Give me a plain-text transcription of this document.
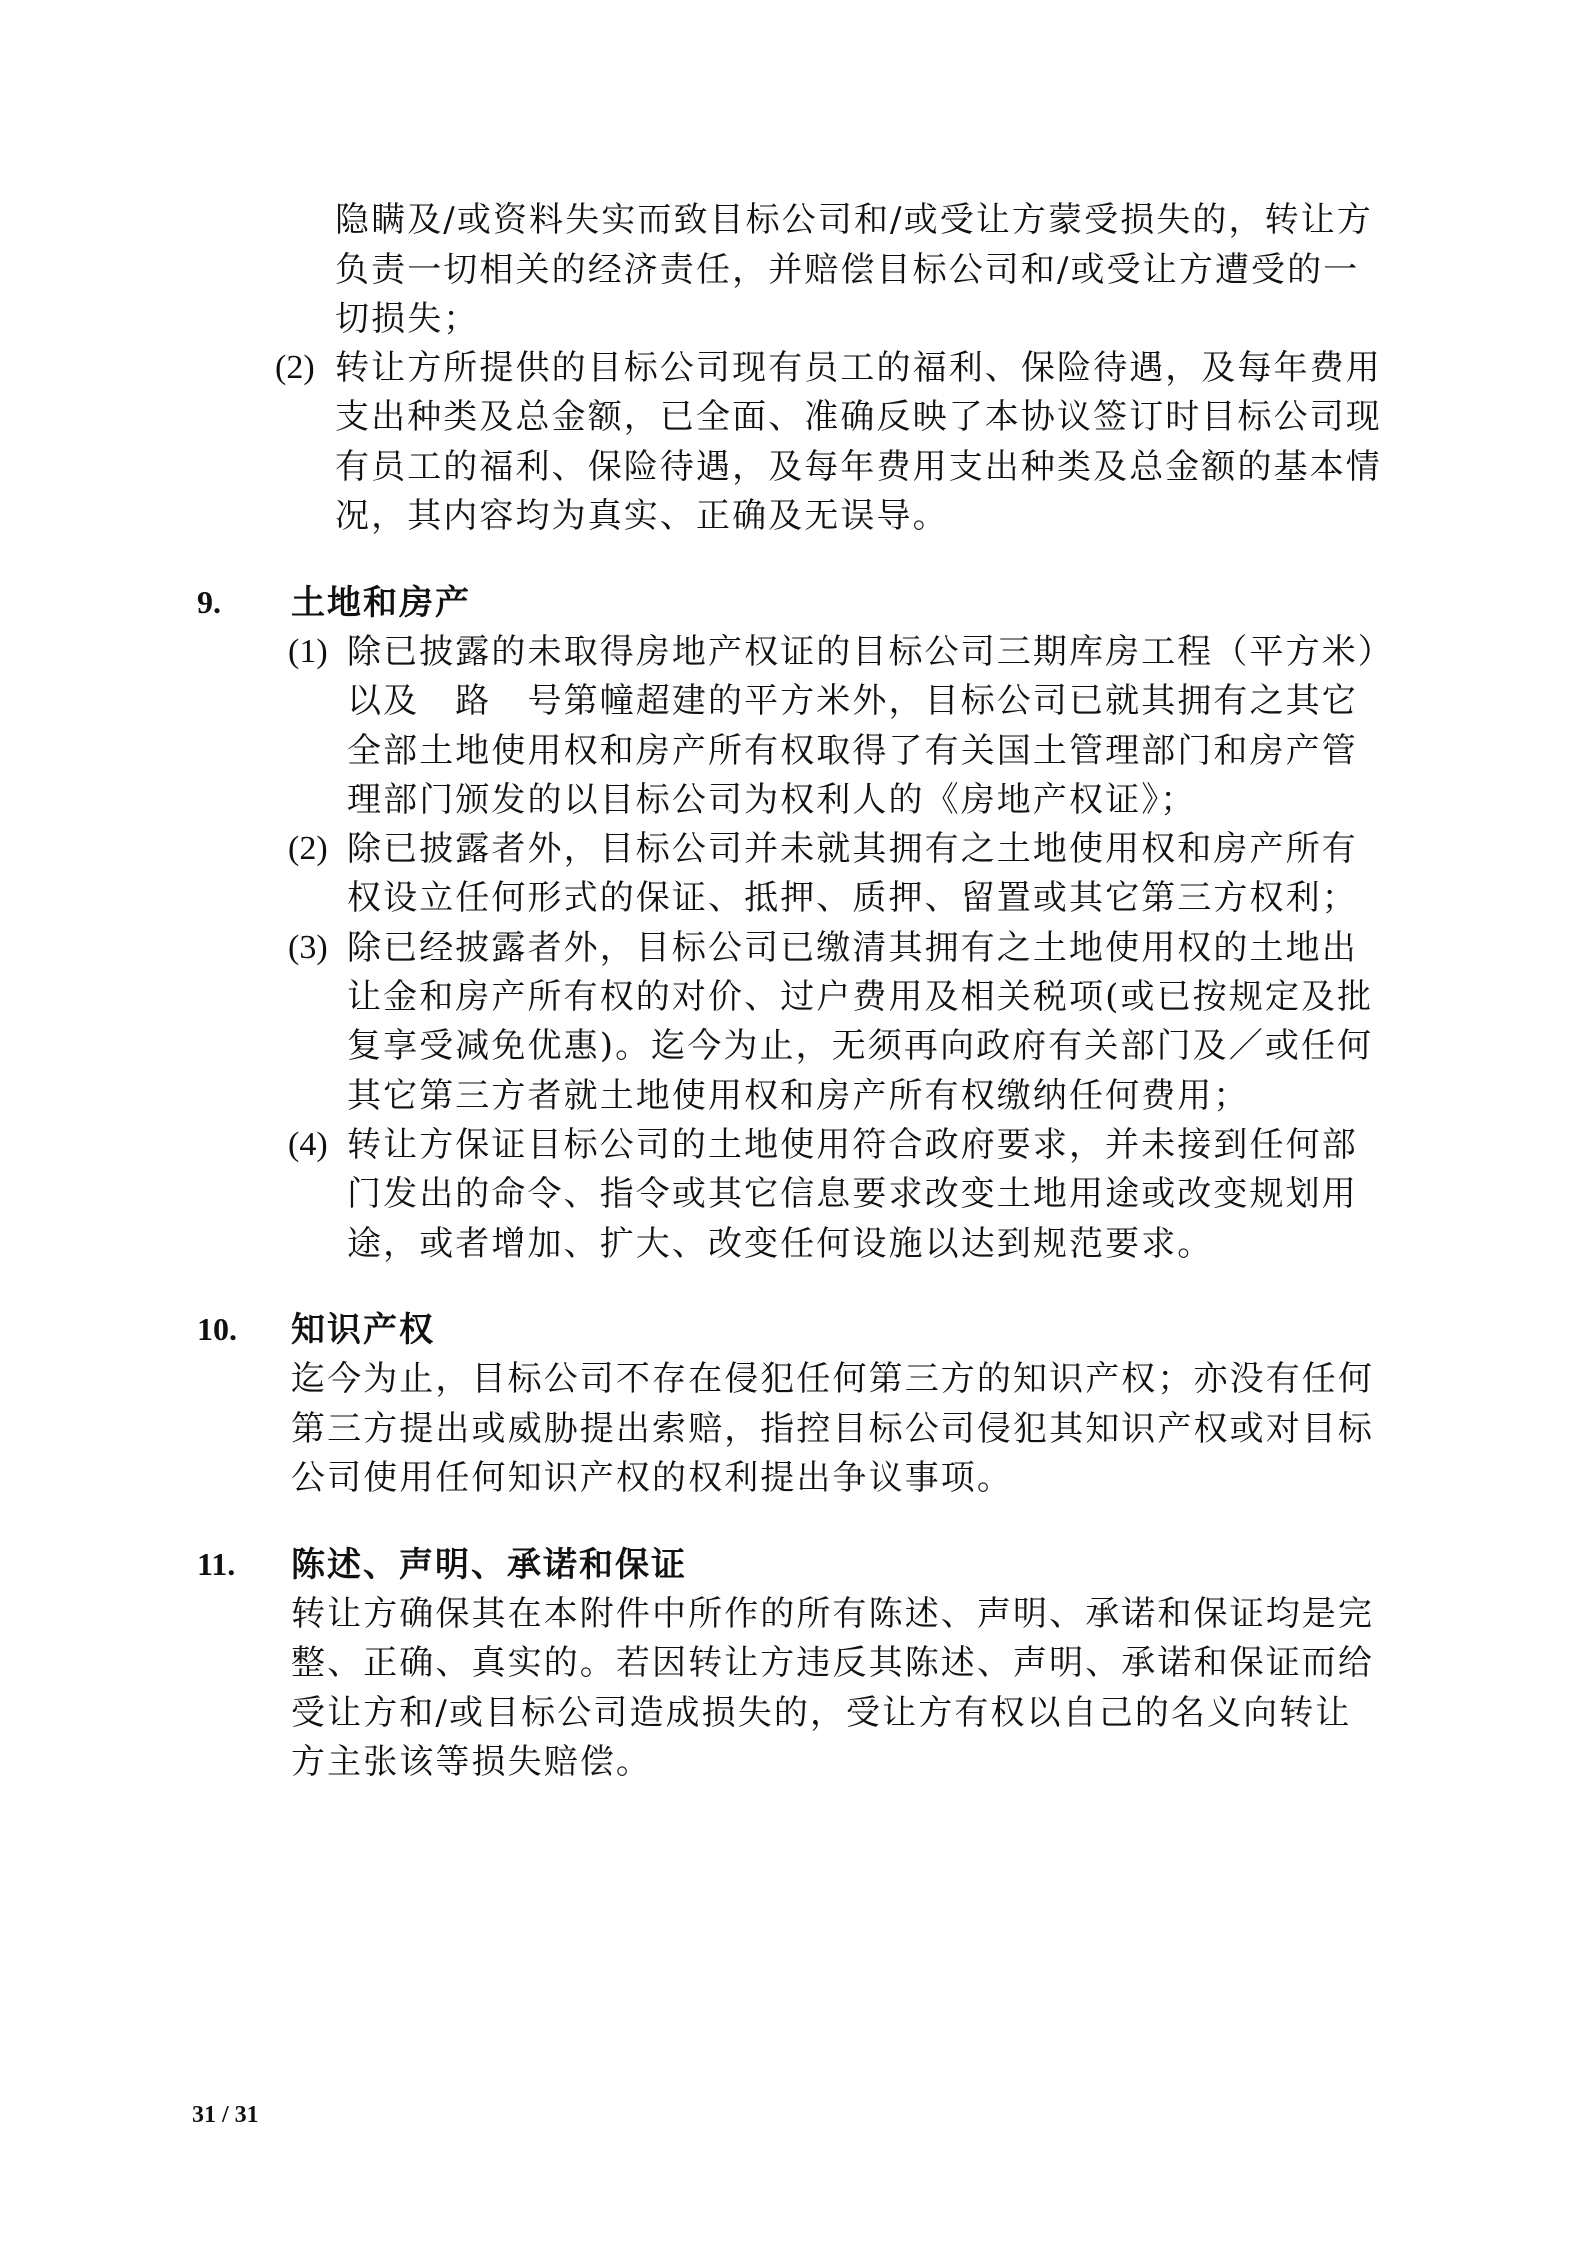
隐瞒及/或资料失实而致目标公司和/或受让方蒙受损失的，转让方
负责一切相关的经济责任，并赔偿目标公司和/或受让方遭受的一
切损失；
(2) 转让方所提供的目标公司现有员工的福利、保险待遇，及每年费用
支出种类及总金额，已全面、准确反映了本协议签订时目标公司现
有员工的福利、保险待遇，及每年费用支出种类及总金额的基本情
况，其内容均为真实、正确及无误导。
9. 土地和房产
(1) 除已披露的未取得房地产权证的目标公司三期库房工程（平方米）
以及　路　号第幢超建的平方米外，目标公司已就其拥有之其它
全部土地使用权和房产所有权取得了有关国土管理部门和房产管
理部门颁发的以目标公司为权利人的《房地产权证》；
(2) 除已披露者外，目标公司并未就其拥有之土地使用权和房产所有
权设立任何形式的保证、抵押、质押、留置或其它第三方权利；
(3) 除已经披露者外，目标公司已缴清其拥有之土地使用权的土地出
让金和房产所有权的对价、过户费用及相关税项(或已按规定及批
复享受减免优惠)。迄今为止，无须再向政府有关部门及／或任何
其它第三方者就土地使用权和房产所有权缴纳任何费用；
(4) 转让方保证目标公司的土地使用符合政府要求，并未接到任何部
门发出的命令、指令或其它信息要求改变土地用途或改变规划用
途，或者增加、扩大、改变任何设施以达到规范要求。
10. 知识产权
迄今为止，目标公司不存在侵犯任何第三方的知识产权；亦没有任何
第三方提出或威胁提出索赔，指控目标公司侵犯其知识产权或对目标
公司使用任何知识产权的权利提出争议事项。
11. 陈述、声明、承诺和保证
转让方确保其在本附件中所作的所有陈述、声明、承诺和保证均是完
整、正确、真实的。若因转让方违反其陈述、声明、承诺和保证而给
受让方和/或目标公司造成损失的，受让方有权以自己的名义向转让
方主张该等损失赔偿。
31 / 31
